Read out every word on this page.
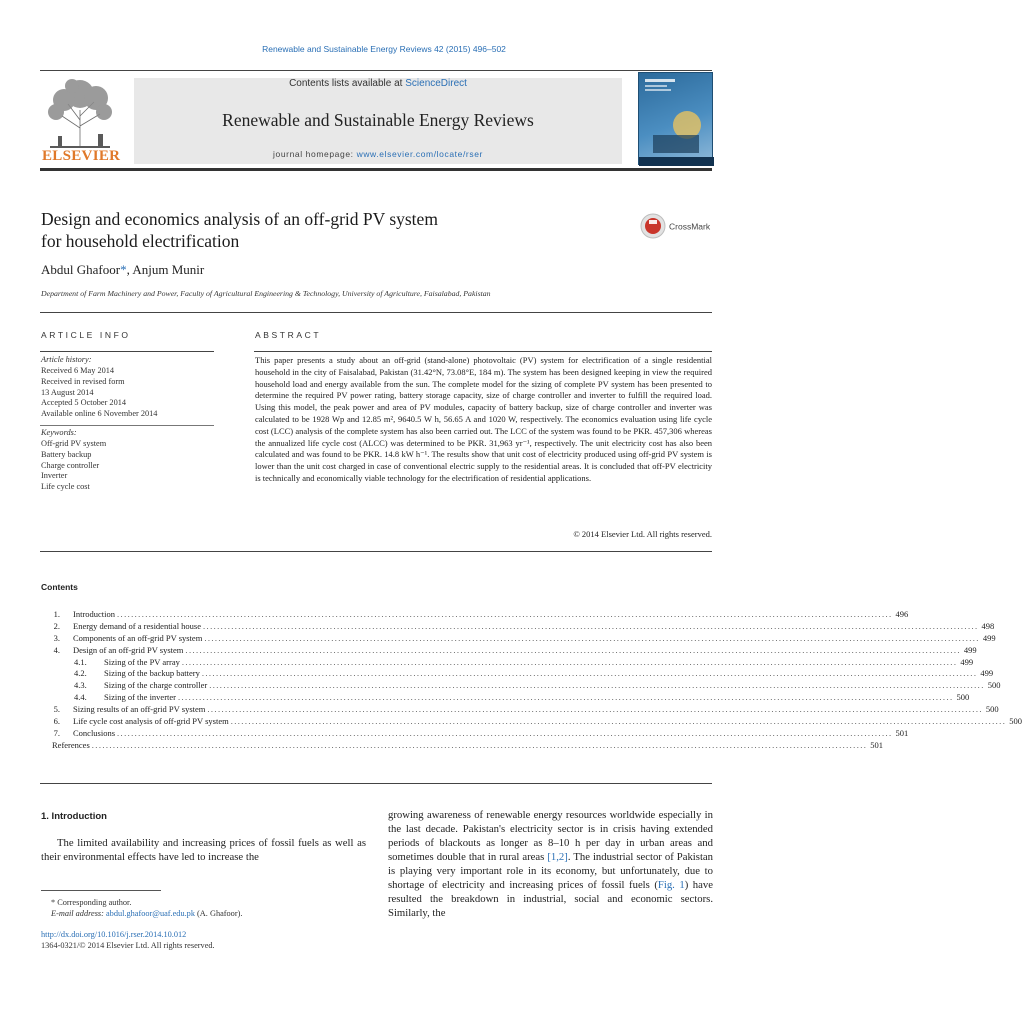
Renewable and Sustainable Energy Reviews 42 (2015) 496–502
ELSEVIER
Contents lists available at ScienceDirect
Renewable and Sustainable Energy Reviews
journal homepage: www.elsevier.com/locate/rser
Design and economics analysis of an off-grid PV system
for household electrification
CrossMark
Abdul Ghafoor*, Anjum Munir
Department of Farm Machinery and Power, Faculty of Agricultural Engineering & Technology, University of Agriculture, Faisalabad, Pakistan
ARTICLE INFO	ABSTRACT
Article history:
Received 6 May 2014
Received in revised form
13 August 2014
Accepted 5 October 2014
Available online 6 November 2014
Keywords:
Off-grid PV system
Battery backup
Charge controller
Inverter
Life cycle cost
This paper presents a study about an off-grid (stand-alone) photovoltaic (PV) system for electrification of a single residential household in the city of Faisalabad, Pakistan (31.42°N, 73.08°E, 184 m). The system has been designed keeping in view the required household load and energy available from the sun. The complete model for the sizing of complete PV system has been presented to determine the required PV power rating, battery storage capacity, size of charge controller and inverter to fulfill the required load. Using this model, the peak power and area of PV modules, capacity of battery backup, size of charge controller and inverter was calculated to be 1928 Wp and 12.85 m², 9640.5 W h, 56.65 A and 1020 W, respectively. The economics evaluation using life cycle cost (LCC) analysis of the complete system has also been carried out. The LCC of the system was found to be PKR. 457,306 whereas the annualized life cycle cost (ALCC) was determined to be PKR. 31,963 yr⁻¹, respectively. The unit electricity cost has also been calculated and was found to be PKR. 14.8 kW h⁻¹. The results show that unit cost of electricity produced using off-grid PV system is lower than the unit cost charged in case of conventional electric supply to the residential areas. It is concluded that off-PV electricity is technically and economically viable technology for the electrification of residential applications.
© 2014 Elsevier Ltd. All rights reserved.
Contents
1. Introduction ............................................................................................................................................................................................................................ 496
2. Energy demand of a residential house ............................................................................................................................................................................................................................ 498
3. Components of an off-grid PV system ............................................................................................................................................................................................................................ 499
4. Design of an off-grid PV system ............................................................................................................................................................................................................................ 499
4.1.	Sizing of the PV array ............................................................................................................................................................................................................................ 499
4.2.	Sizing of the backup battery ............................................................................................................................................................................................................................ 499
4.3.	Sizing of the charge controller ............................................................................................................................................................................................................................ 500
4.4.	Sizing of the inverter ............................................................................................................................................................................................................................ 500
5. Sizing results of an off-grid PV system ............................................................................................................................................................................................................................ 500
6. Life cycle cost analysis of off-grid PV system ............................................................................................................................................................................................................................ 500
7. Conclusions ............................................................................................................................................................................................................................ 501
References ............................................................................................................................................................................................................................ 501
1. Introduction
The limited availability and increasing prices of fossil fuels as well as their environmental effects have led to increase the
growing awareness of renewable energy resources worldwide especially in the last decade. Pakistan's electricity sector is in crisis having extended periods of blackouts as longer as 8–10 h per day in urban areas and sometimes double that in rural areas [1,2]. The industrial sector of Pakistan is playing very important role in its economy, but unfortunately, due to shortage of electricity and increasing prices of fossil fuels (Fig. 1) have resulted the breakdown in industrial, social and economic sectors. Similarly, the
* Corresponding author.
E-mail address: abdul.ghafoor@uaf.edu.pk (A. Ghafoor).
http://dx.doi.org/10.1016/j.rser.2014.10.012
1364-0321/© 2014 Elsevier Ltd. All rights reserved.
